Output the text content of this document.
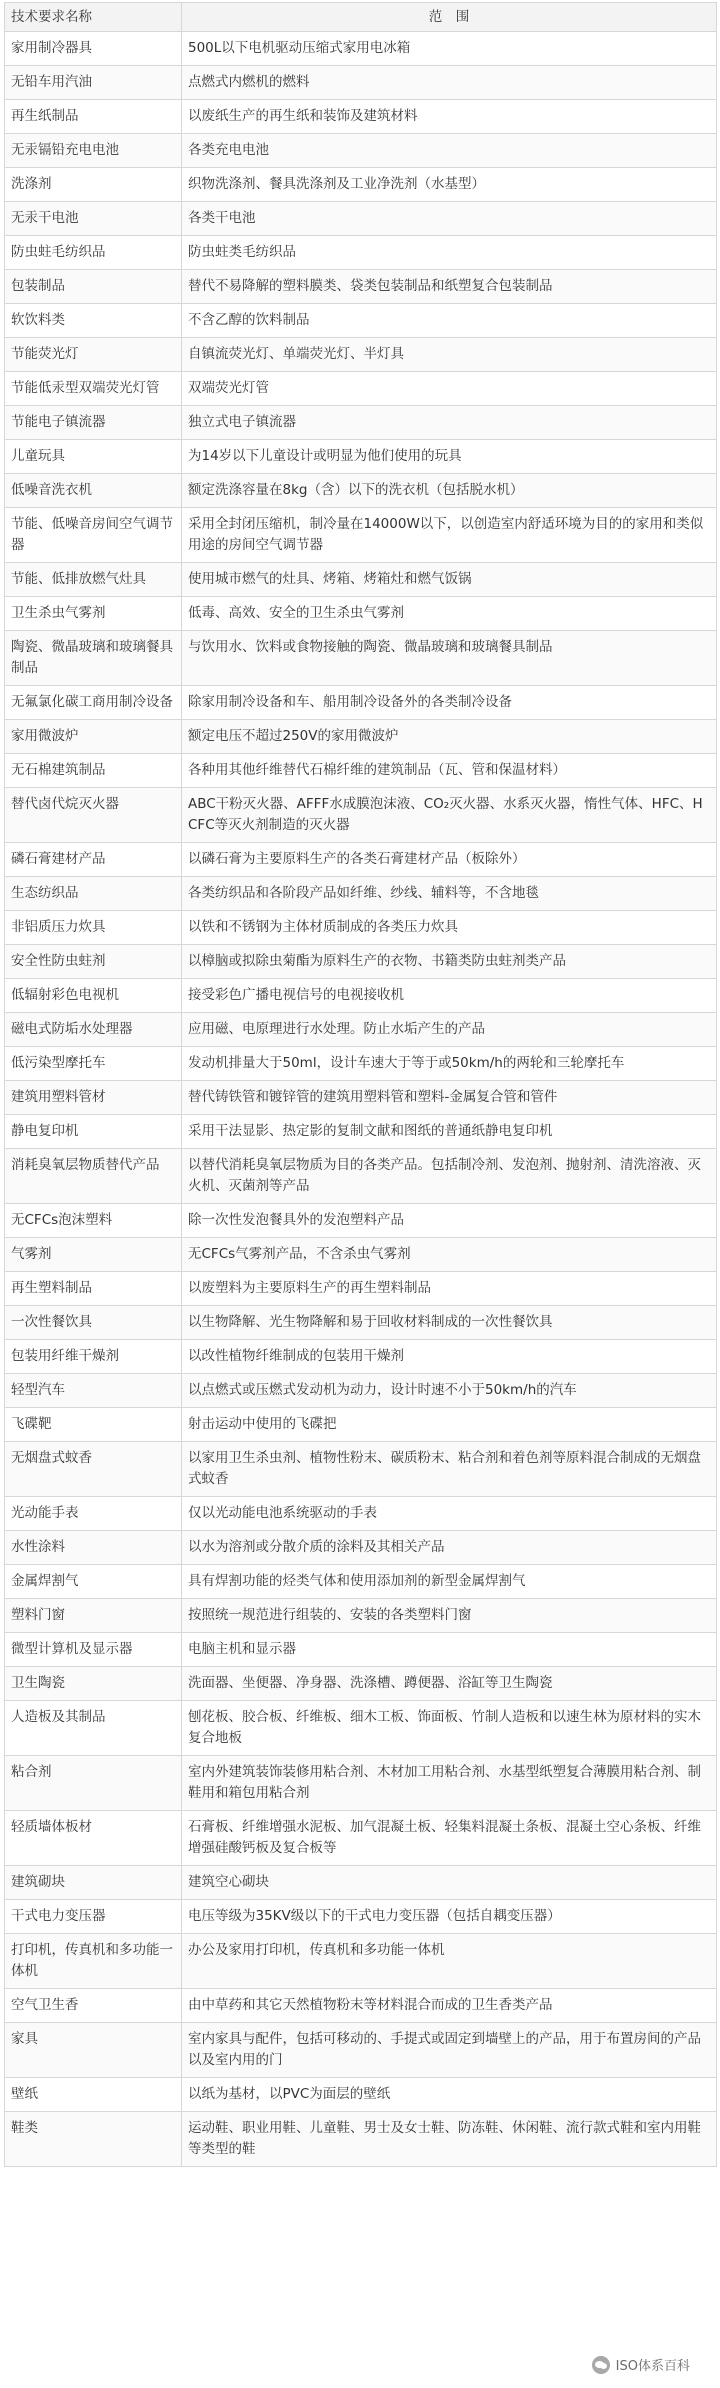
技术要求名称	范　围
家用制冷器具	500L以下电机驱动压缩式家用电冰箱
无铅车用汽油	点燃式内燃机的燃料
再生纸制品	以废纸生产的再生纸和装饰及建筑材料
无汞镉铅充电电池	各类充电电池
洗涤剂	织物洗涤剂、餐具洗涤剂及工业净洗剂（水基型）
无汞干电池	各类干电池
防虫蛀毛纺织品	防虫蛀类毛纺织品
包装制品	替代不易降解的塑料膜类、袋类包装制品和纸塑复合包装制品
软饮料类	不含乙醇的饮料制品
节能荧光灯	自镇流荧光灯、单端荧光灯、半灯具
节能低汞型双端荧光灯管	双端荧光灯管
节能电子镇流器	独立式电子镇流器
儿童玩具	为14岁以下儿童设计或明显为他们使用的玩具
低噪音洗衣机	额定洗涤容量在8kg（含）以下的洗衣机（包括脱水机）
节能、低噪音房间空气调节器	采用全封闭压缩机，制冷量在14000W以下，以创造室内舒适环境为目的的家用和类似用途的房间空气调节器
节能、低排放燃气灶具	使用城市燃气的灶具、烤箱、烤箱灶和燃气饭锅
卫生杀虫气雾剂	低毒、高效、安全的卫生杀虫气雾剂
陶瓷、微晶玻璃和玻璃餐具制品	与饮用水、饮料或食物接触的陶瓷、微晶玻璃和玻璃餐具制品
无氟氯化碳工商用制冷设备	除家用制冷设备和车、船用制冷设备外的各类制冷设备
家用微波炉	额定电压不超过250V的家用微波炉
无石棉建筑制品	各种用其他纤维替代石棉纤维的建筑制品（瓦、管和保温材料）
替代卤代烷灭火器	ABC干粉灭火器、AFFF水成膜泡沫液、CO₂灭火器、水系灭火器，惰性气体、HFC、HCFC等灭火剂制造的灭火器
磷石膏建材产品	以磷石膏为主要原料生产的各类石膏建材产品（板除外）
生态纺织品	各类纺织品和各阶段产品如纤维、纱线、辅料等，不含地毯
非铝质压力炊具	以铁和不锈钢为主体材质制成的各类压力炊具
安全性防虫蛀剂	以樟脑或拟除虫菊酯为原料生产的衣物、书籍类防虫蛀剂类产品
低辐射彩色电视机	接受彩色广播电视信号的电视接收机
磁电式防垢水处理器	应用磁、电原理进行水处理。防止水垢产生的产品
低污染型摩托车	发动机排量大于50ml，设计车速大于等于或50km/h的两轮和三轮摩托车
建筑用塑料管材	替代铸铁管和镀锌管的建筑用塑料管和塑料-金属复合管和管件
静电复印机	采用干法显影、热定影的复制文献和图纸的普通纸静电复印机
消耗臭氧层物质替代产品	以替代消耗臭氧层物质为目的各类产品。包括制冷剂、发泡剂、抛射剂、清洗溶液、灭火机、灭菌剂等产品
无CFCs泡沫塑料	除一次性发泡餐具外的发泡塑料产品
气雾剂	无CFCs气雾剂产品，不含杀虫气雾剂
再生塑料制品	以废塑料为主要原料生产的再生塑料制品
一次性餐饮具	以生物降解、光生物降解和易于回收材料制成的一次性餐饮具
包装用纤维干燥剂	以改性植物纤维制成的包装用干燥剂
轻型汽车	以点燃式或压燃式发动机为动力，设计时速不小于50km/h的汽车
飞碟靶	射击运动中使用的飞碟把
无烟盘式蚊香	以家用卫生杀虫剂、植物性粉末、碳质粉末、粘合剂和着色剂等原料混合制成的无烟盘式蚊香
光动能手表	仅以光动能电池系统驱动的手表
水性涂料	以水为溶剂或分散介质的涂料及其相关产品
金属焊割气	具有焊割功能的烃类气体和使用添加剂的新型金属焊割气
塑料门窗	按照统一规范进行组装的、安装的各类塑料门窗
微型计算机及显示器	电脑主机和显示器
卫生陶瓷	洗面器、坐便器、净身器、洗涤槽、蹲便器、浴缸等卫生陶瓷
人造板及其制品	刨花板、胶合板、纤维板、细木工板、饰面板、竹制人造板和以速生林为原材料的实木复合地板
粘合剂	室内外建筑装饰装修用粘合剂、木材加工用粘合剂、水基型纸塑复合薄膜用粘合剂、制鞋用和箱包用粘合剂
轻质墙体板材	石膏板、纤维增强水泥板、加气混凝土板、轻集料混凝土条板、混凝土空心条板、纤维增强硅酸钙板及复合板等
建筑砌块	建筑空心砌块
干式电力变压器	电压等级为35KV级以下的干式电力变压器（包括自耦变压器）
打印机，传真机和多功能一体机	办公及家用打印机，传真机和多功能一体机
空气卫生香	由中草药和其它天然植物粉末等材料混合而成的卫生香类产品
家具	室内家具与配件，包括可移动的、手提式或固定到墙壁上的产品，用于布置房间的产品以及室内用的门
壁纸	以纸为基材，以PVC为面层的壁纸
鞋类	运动鞋、职业用鞋、儿童鞋、男士及女士鞋、防冻鞋、休闲鞋、流行款式鞋和室内用鞋等类型的鞋
ISO体系百科
